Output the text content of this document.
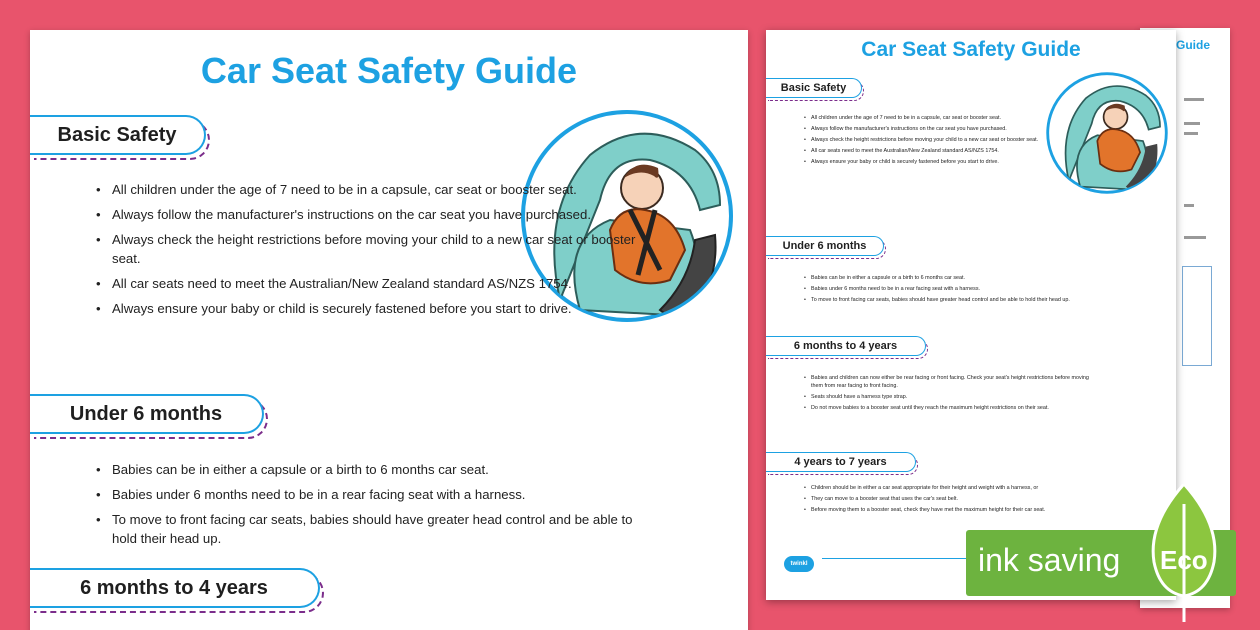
Guide
Car Seat Safety Guide
Basic Safety
• All children under the age of 7 need to be in a capsule, car seat or booster seat.
• Always follow the manufacturer's instructions on the car seat you have purchased.
• Always check the height restrictions before moving your child to a new car seat or booster seat.
• All car seats need to meet the Australian/New Zealand standard AS/NZS 1754.
• Always ensure your baby or child is securely fastened before you start to drive.
Under 6 months
• Babies can be in either a capsule or a birth to 6 months car seat.
• Babies under 6 months need to be in a rear facing seat with a harness.
• To move to front facing car seats, babies should have greater head control and be able to hold their head up.
6 months to 4 years
Car Seat Safety Guide
Basic Safety
• All children under the age of 7 need to be in a capsule, car seat or booster seat.
• Always follow the manufacturer's instructions on the car seat you have purchased.
• Always check the height restrictions before moving your child to a new car seat or booster seat.
• All car seats need to meet the Australian/New Zealand standard AS/NZS 1754.
• Always ensure your baby or child is securely fastened before you start to drive.
Under 6 months
• Babies can be in either a capsule or a birth to 6 months car seat.
• Babies under 6 months need to be in a rear facing seat with a harness.
• To move to front facing car seats, babies should have greater head control and be able to hold their head up.
6 months to 4 years
• Babies and children can now either be rear facing or front facing. Check your seat's height restrictions before moving them from rear facing to front facing.
• Seats should have a harness type strap.
• Do not move babies to a booster seat until they reach the maximum height restrictions on their seat.
4 years to 7 years
• Children should be in either a car seat appropriate for their height and weight with a harness, or
• They can move to a booster seat that uses the car's seat belt.
• Before moving them to a booster seat, check they have met the maximum height for their car seat.
twinkl	ink saving Eco
